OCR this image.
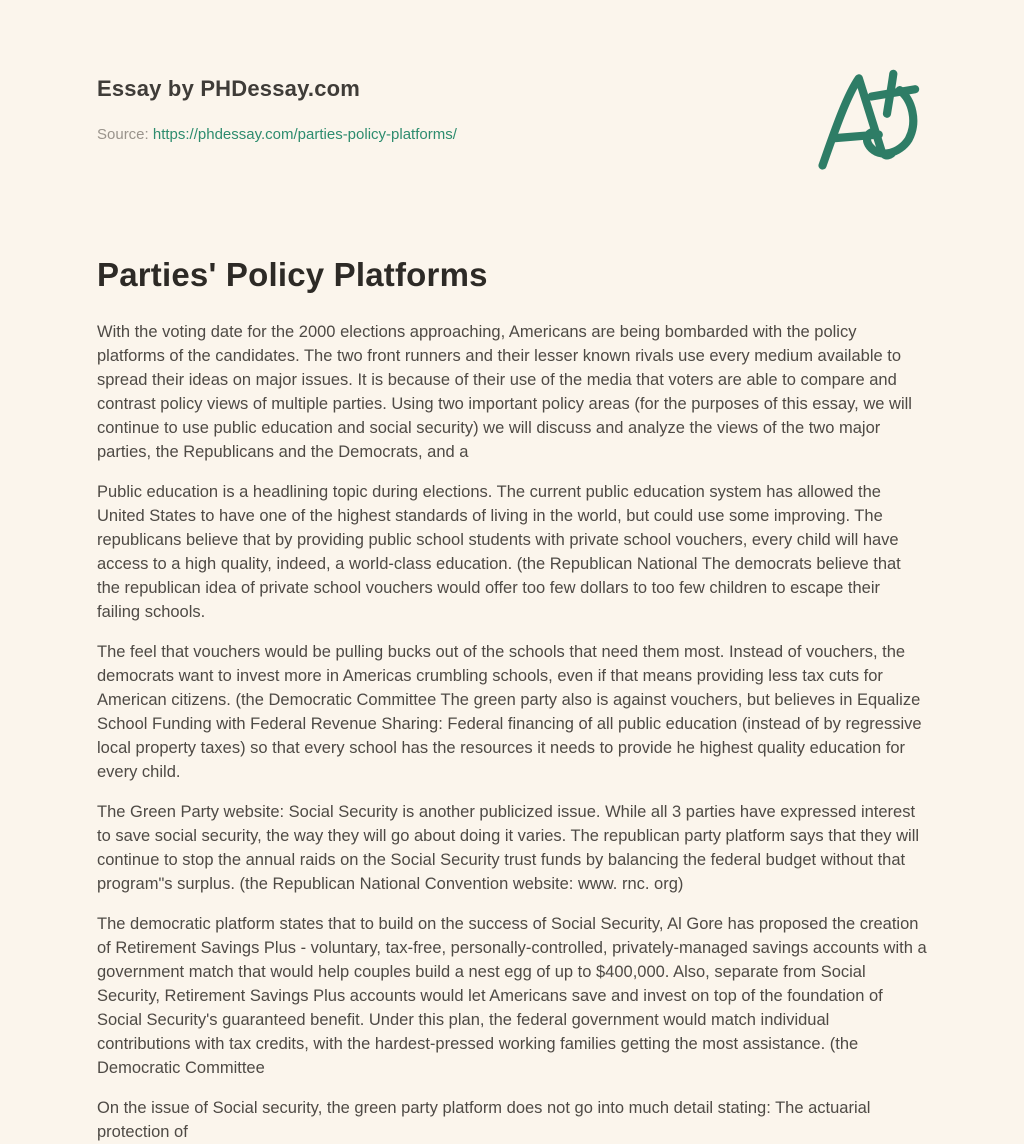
Essay by PHDessay.com
Source: https://phdessay.com/parties-policy-platforms/
Parties' Policy Platforms

With the voting date for the 2000 elections approaching, Americans are being bombarded with the policy platforms of the candidates. The two front runners and their lesser known rivals use every medium available to spread their ideas on major issues. It is because of their use of the media that voters are able to compare and contrast policy views of multiple parties. Using two important policy areas (for the purposes of this essay, we will continue to use public education and social security) we will discuss and analyze the views of the two major parties, the Republicans and the Democrats, and a

Public education is a headlining topic during elections. The current public education system has allowed the United States to have one of the highest standards of living in the world, but could use some improving. The republicans believe that by providing public school students with private school vouchers, every child will have access to a high quality, indeed, a world-class education. (the Republican National The democrats believe that the republican idea of private school vouchers would offer too few dollars to too few children to escape their failing schools.

The feel that vouchers would be pulling bucks out of the schools that need them most. Instead of vouchers, the democrats want to invest more in Americas crumbling schools, even if that means providing less tax cuts for American citizens. (the Democratic Committee The green party also is against vouchers, but believes in Equalize School Funding with Federal Revenue Sharing: Federal financing of all public education (instead of by regressive local property taxes) so that every school has the resources it needs to provide he highest quality education for every child.

The Green Party website: Social Security is another publicized issue. While all 3 parties have expressed interest to save social security, the way they will go about doing it varies. The republican party platform says that they will continue to stop the annual raids on the Social Security trust funds by balancing the federal budget without that program"s surplus. (the Republican National Convention website: www. rnc. org)

The democratic platform states that to build on the success of Social Security, Al Gore has proposed the creation of Retirement Savings Plus - voluntary, tax-free, personally-controlled, privately-managed savings accounts with a government match that would help couples build a nest egg of up to $400,000. Also, separate from Social Security, Retirement Savings Plus accounts would let Americans save and invest on top of the foundation of Social Security's guaranteed benefit. Under this plan, the federal government would match individual contributions with tax credits, with the hardest-pressed working families getting the most assistance. (the Democratic Committee

On the issue of Social security, the green party platform does not go into much detail stating: The actuarial protection of
